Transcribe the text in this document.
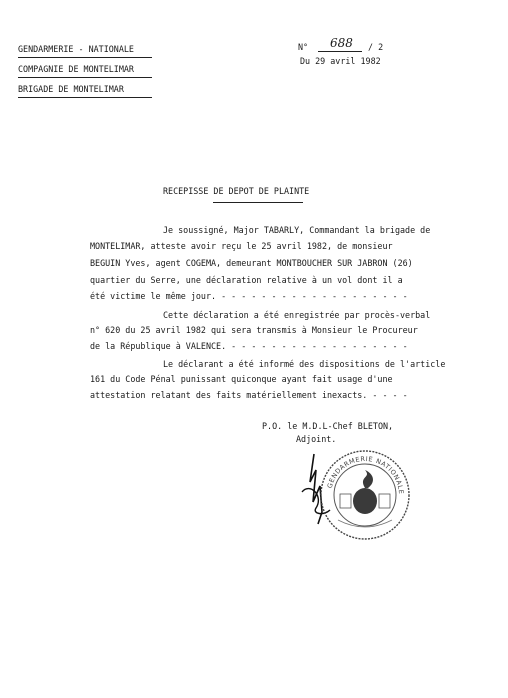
GENDARMERIE - NATIONALE
COMPAGNIE DE MONTELIMAR
BRIGADE DE MONTELIMAR
N° 688 / 2
Du 29 avril 1982
RECEPISSE DE DEPOT DE PLAINTE
Je soussigné, Major TABARLY, Commandant la brigade de
MONTELIMAR, atteste avoir reçu le 25 avril 1982, de monsieur
BEGUIN Yves, agent COGEMA, demeurant MONTBOUCHER SUR JABRON (26)
quartier du Serre, une déclaration relative à un vol dont il a
été victime le même jour. - - - - - - - - - - - - - - - - - - -
Cette déclaration a été enregistrée par procès-verbal
n° 620 du 25 avril 1982 qui sera transmis à Monsieur le Procureur
de la République à VALENCE. - - - - - - - - - - - - - - - - - -
Le déclarant a été informé des dispositions de l'article
161 du Code Pénal punissant quiconque ayant fait usage d'une
attestation relatant des faits matériellement inexacts. - - - -
P.O. le M.D.L-Chef BLETON,
Adjoint.
GENDARMERIE NATIONALE
